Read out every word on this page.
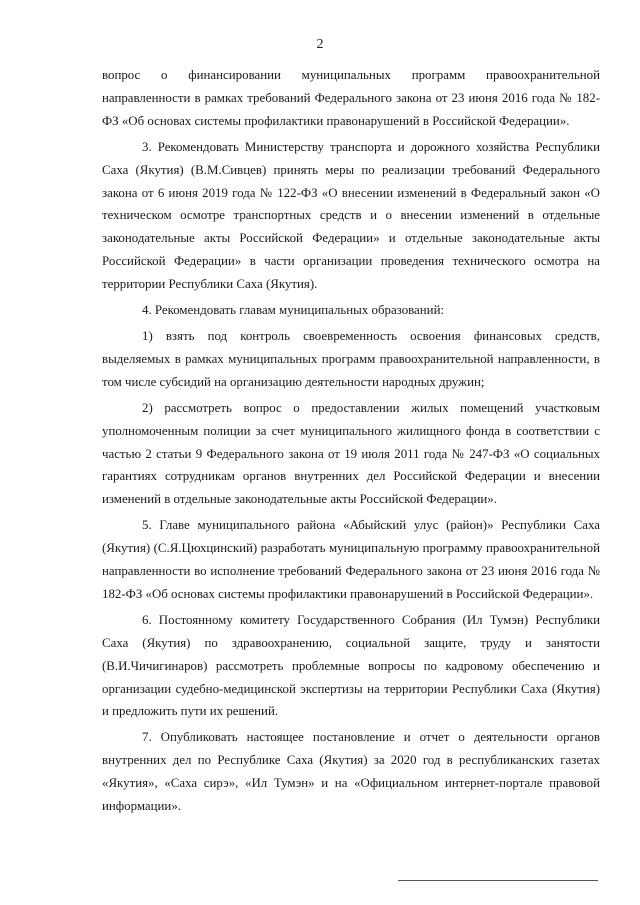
2

вопрос о финансировании муниципальных программ правоохранительной направленности в рамках требований Федерального закона от 23 июня 2016 года № 182-ФЗ «Об основах системы профилактики правонарушений в Российской Федерации».

3. Рекомендовать Министерству транспорта и дорожного хозяйства Республики Саха (Якутия) (В.М.Сивцев) принять меры по реализации требований Федерального закона от 6 июня 2019 года № 122-ФЗ «О внесении изменений в Федеральный закон «О техническом осмотре транспортных средств и о внесении изменений в отдельные законодательные акты Российской Федерации» и отдельные законодательные акты Российской Федерации» в части организации проведения технического осмотра на территории Республики Саха (Якутия).

4. Рекомендовать главам муниципальных образований:

1) взять под контроль своевременность освоения финансовых средств, выделяемых в рамках муниципальных программ правоохранительной направленности, в том числе субсидий на организацию деятельности народных дружин;

2) рассмотреть вопрос о предоставлении жилых помещений участковым уполномоченным полиции за счет муниципального жилищного фонда в соответствии с частью 2 статьи 9 Федерального закона от 19 июля 2011 года № 247-ФЗ «О социальных гарантиях сотрудникам органов внутренних дел Российской Федерации и внесении изменений в отдельные законодательные акты Российской Федерации».

5. Главе муниципального района «Абыйский улус (район)» Республики Саха (Якутия) (С.Я.Цюхцинский) разработать муниципальную программу правоохранительной направленности во исполнение требований Федерального закона от 23 июня 2016 года № 182-ФЗ «Об основах системы профилактики правонарушений в Российской Федерации».

6. Постоянному комитету Государственного Собрания (Ил Тумэн) Республики Саха (Якутия) по здравоохранению, социальной защите, труду и занятости (В.И.Чичигинаров) рассмотреть проблемные вопросы по кадровому обеспечению и организации судебно-медицинской экспертизы на территории Республики Саха (Якутия) и предложить пути их решений.

7. Опубликовать настоящее постановление и отчет о деятельности органов внутренних дел по Республике Саха (Якутия) за 2020 год в республиканских газетах «Якутия», «Саха сирэ», «Ил Тумэн» и на «Официальном интернет-портале правовой информации».
